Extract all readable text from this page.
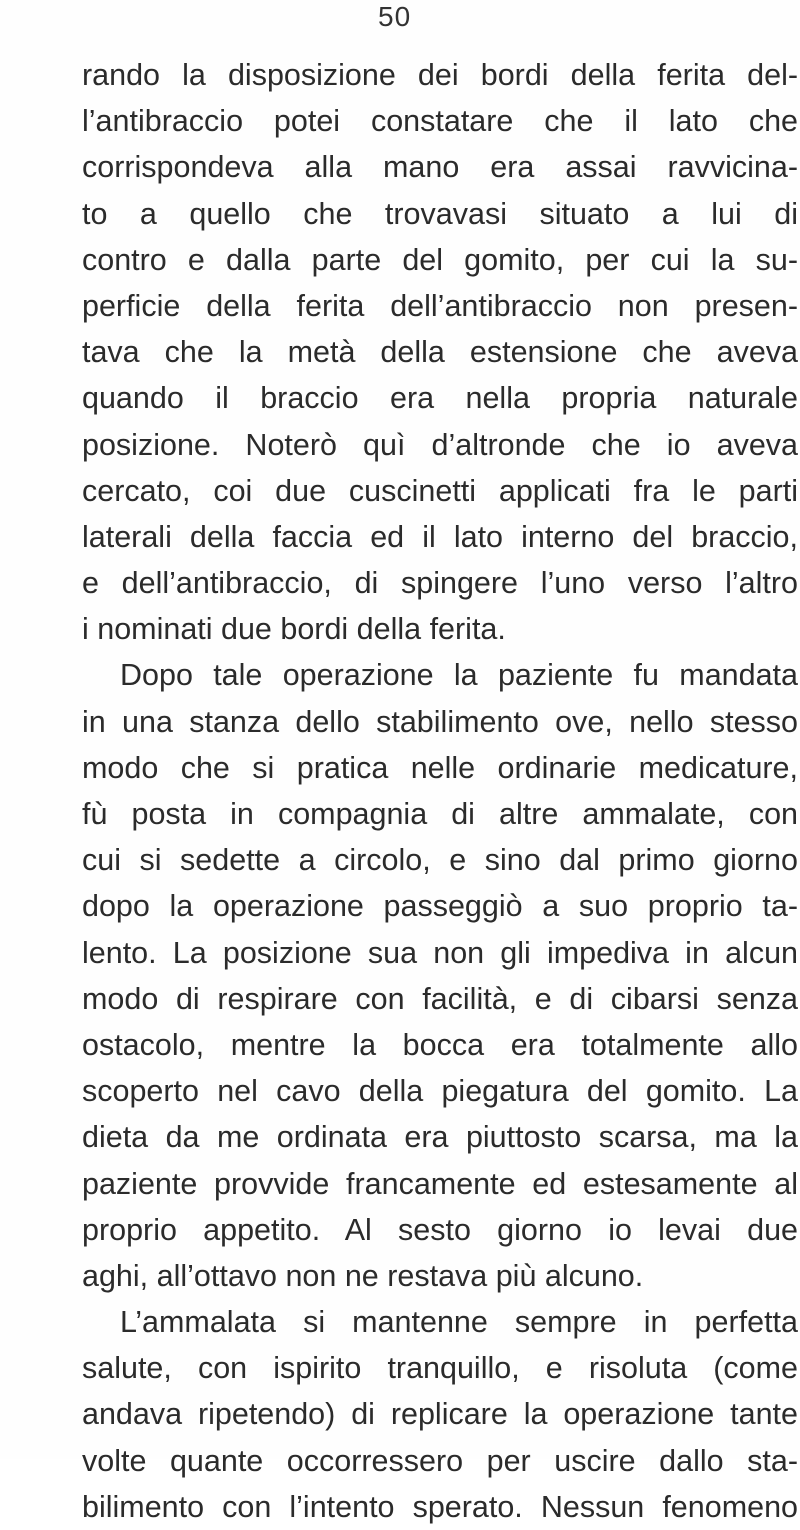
50
rando la disposizione dei bordi della ferita del-
l’antibraccio potei constatare che il lato che
corrispondeva alla mano era assai ravvicina-
to a quello che trovavasi situato a lui di
contro e dalla parte del gomito, per cui la su-
perficie della ferita dell’antibraccio non presen-
tava che la metà della estensione che aveva
quando il braccio era nella propria naturale
posizione. Noterò quì d’altronde che io aveva
cercato, coi due cuscinetti applicati fra le parti
laterali della faccia ed il lato interno del braccio,
e dell’antibraccio, di spingere l’uno verso l’altro
i nominati due bordi della ferita.
Dopo tale operazione la paziente fu mandata
in una stanza dello stabilimento ove, nello stesso
modo che si pratica nelle ordinarie medicature,
fù posta in compagnia di altre ammalate, con
cui si sedette a circolo, e sino dal primo giorno
dopo la operazione passeggiò a suo proprio ta-
lento. La posizione sua non gli impediva in alcun
modo di respirare con facilità, e di cibarsi senza
ostacolo, mentre la bocca era totalmente allo
scoperto nel cavo della piegatura del gomito. La
dieta da me ordinata era piuttosto scarsa, ma la
paziente provvide francamente ed estesamente al
proprio appetito. Al sesto giorno io levai due
aghi, all’ottavo non ne restava più alcuno.
L’ammalata si mantenne sempre in perfetta
salute, con ispirito tranquillo, e risoluta (come
andava ripetendo) di replicare la operazione tante
volte quante occorressero per uscire dallo sta-
bilimento con l’intento sperato. Nessun fenomeno
